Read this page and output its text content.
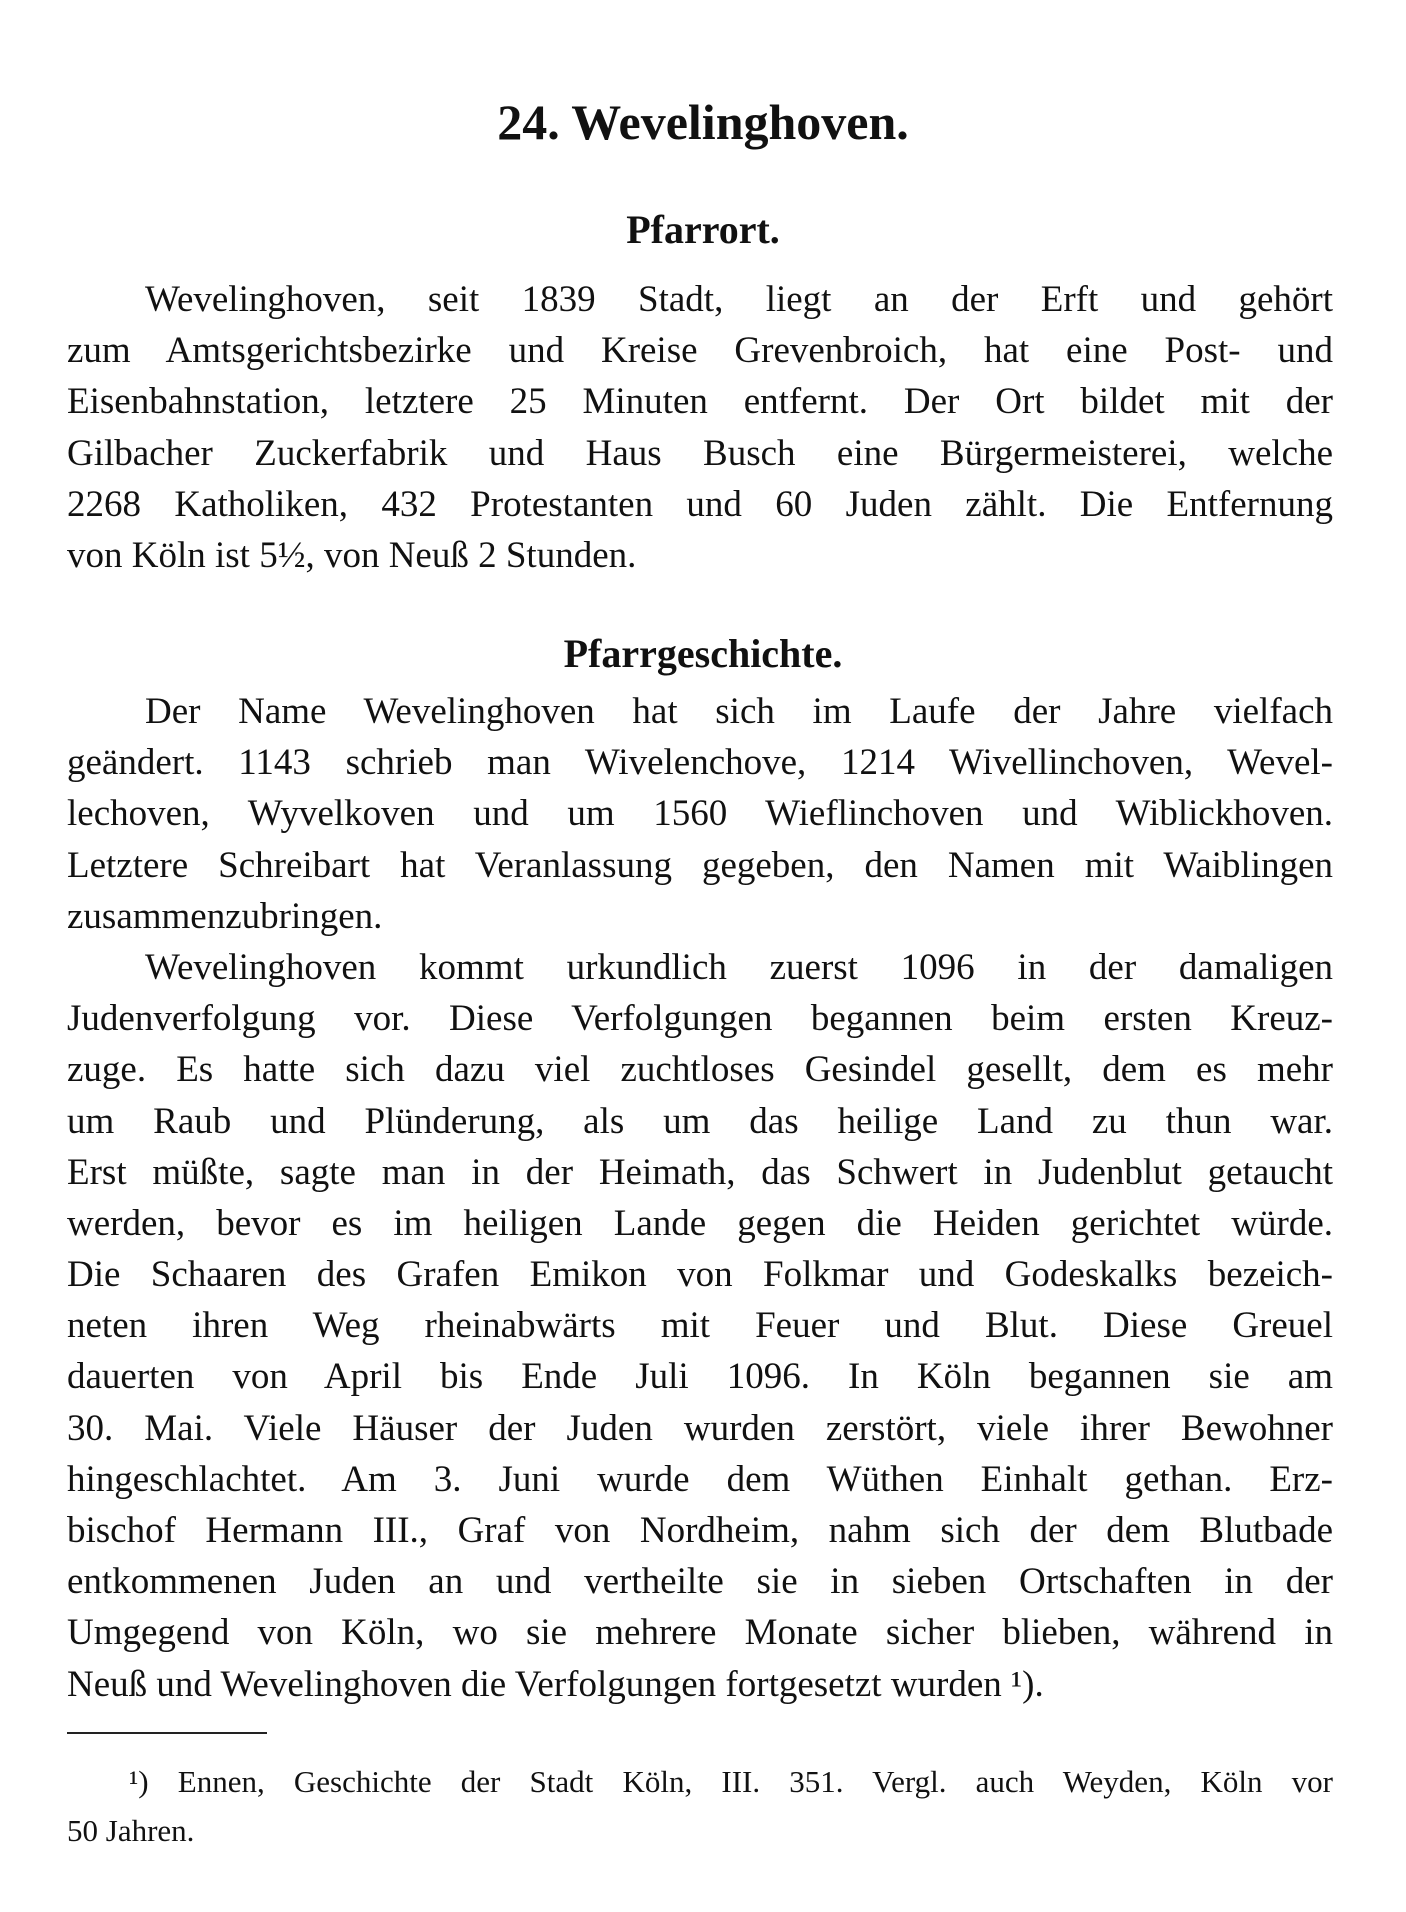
24. Wevelinghoven.
Pfarrort.
Wevelinghoven, seit 1839 Stadt, liegt an der Erft und gehört
zum Amtsgerichtsbezirke und Kreise Grevenbroich, hat eine Post- und
Eisenbahnstation, letztere 25 Minuten entfernt. Der Ort bildet mit der
Gilbacher Zuckerfabrik und Haus Busch eine Bürgermeisterei, welche
2268 Katholiken, 432 Protestanten und 60 Juden zählt. Die Entfernung
von Köln ist 5½, von Neuß 2 Stunden.
Pfarrgeschichte.
Der Name Wevelinghoven hat sich im Laufe der Jahre vielfach
geändert. 1143 schrieb man Wivelenchove, 1214 Wivellinchoven, Wevel-
lechoven, Wyvelkoven und um 1560 Wieflinchoven und Wiblickhoven.
Letztere Schreibart hat Veranlassung gegeben, den Namen mit Waiblingen
zusammenzubringen.
Wevelinghoven kommt urkundlich zuerst 1096 in der damaligen
Judenverfolgung vor. Diese Verfolgungen begannen beim ersten Kreuz-
zuge. Es hatte sich dazu viel zuchtloses Gesindel gesellt, dem es mehr
um Raub und Plünderung, als um das heilige Land zu thun war.
Erst müßte, sagte man in der Heimath, das Schwert in Judenblut getaucht
werden, bevor es im heiligen Lande gegen die Heiden gerichtet würde.
Die Schaaren des Grafen Emikon von Folkmar und Godeskalks bezeich-
neten ihren Weg rheinabwärts mit Feuer und Blut. Diese Greuel
dauerten von April bis Ende Juli 1096. In Köln begannen sie am
30. Mai. Viele Häuser der Juden wurden zerstört, viele ihrer Bewohner
hingeschlachtet. Am 3. Juni wurde dem Wüthen Einhalt gethan. Erz-
bischof Hermann III., Graf von Nordheim, nahm sich der dem Blutbade
entkommenen Juden an und vertheilte sie in sieben Ortschaften in der
Umgegend von Köln, wo sie mehrere Monate sicher blieben, während in
Neuß und Wevelinghoven die Verfolgungen fortgesetzt wurden ¹).
¹) Ennen, Geschichte der Stadt Köln, III. 351. Vergl. auch Weyden, Köln vor
50 Jahren.
